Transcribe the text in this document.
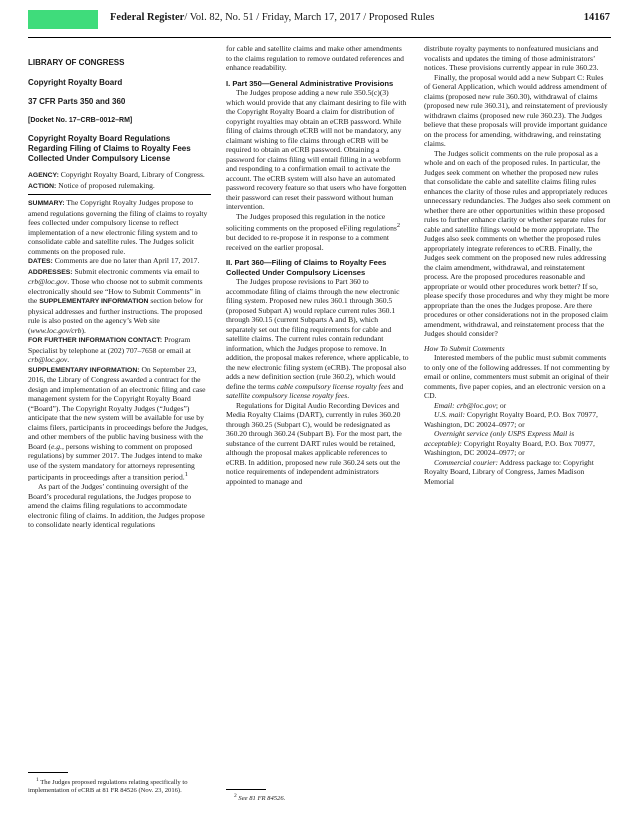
Federal Register / Vol. 82, No. 51 / Friday, March 17, 2017 / Proposed Rules	14167
LIBRARY OF CONGRESS
Copyright Royalty Board
37 CFR Parts 350 and 360
[Docket No. 17–CRB–0012–RM]
Copyright Royalty Board Regulations Regarding Filing of Claims to Royalty Fees Collected Under Compulsory License

AGENCY: Copyright Royalty Board, Library of Congress.

ACTION: Notice of proposed rulemaking.

SUMMARY: The Copyright Royalty Judges propose to amend regulations governing the filing of claims to royalty fees collected under compulsory license to reflect implementation of a new electronic filing system and to consolidate cable and satellite rules. The Judges solicit comments on the proposed rule.

DATES: Comments are due no later than April 17, 2017.

ADDRESSES: Submit electronic comments via email to crb@loc.gov. Those who choose not to submit comments electronically should see “How to Submit Comments” in the SUPPLEMENTARY INFORMATION section below for physical addresses and further instructions. The proposed rule is also posted on the agency’s Web site (www.loc.gov/crb).

FOR FURTHER INFORMATION CONTACT: Program Specialist by telephone at (202) 707–7658 or email at crb@loc.gov.

SUPPLEMENTARY INFORMATION: On September 23, 2016, the Library of Congress awarded a contract for the design and implementation of an electronic filing and case management system for the Copyright Royalty Board (“Board”). The Copyright Royalty Judges (“Judges”) anticipate that the new system will be available for use by claims filers, participants in proceedings before the Judges, and other members of the public having business with the Board (e.g., persons wishing to comment on proposed regulations) by summer 2017. The Judges intend to make use of the system mandatory for attorneys representing participants in proceedings after a transition period.$^1$

As part of the Judges’ continuing oversight of the Board’s procedural regulations, the Judges propose to amend the claims filing regulations to accommodate electronic filing of claims. In addition, the Judges propose to consolidate nearly identical regulations

$^1$ The Judges proposed regulations relating specifically to implementation of eCRB at 81 FR 84526 (Nov. 23, 2016).

for cable and satellite claims and make other amendments to the claims regulation to remove outdated references and enhance readability.

I. Part 350—General Administrative Provisions

The Judges propose adding a new rule 350.5(c)(3) which would provide that any claimant desiring to file with the Copyright Royalty Board a claim for distribution of copyright royalties may obtain an eCRB password. While filing of claims through eCRB will not be mandatory, any claimant wishing to file claims through eCRB will be required to obtain an eCRB password. Obtaining a password for claims filing will entail filling in a webform and responding to a confirmation email to activate the account. The eCRB system will also have an automated password recovery feature so that users who have forgotten their password can reset their password without human intervention.

The Judges proposed this regulation in the notice soliciting comments on the proposed eFiling regulations$^2$ but decided to re-propose it in response to a comment received on the earlier proposal.

II. Part 360—Filing of Claims to Royalty Fees Collected Under Compulsory Licenses

The Judges propose revisions to Part 360 to accommodate filing of claims through the new electronic filing system. Proposed new rules 360.1 through 360.5 (proposed Subpart A) would replace current rules 360.1 through 360.15 (current Subparts A and B), which separately set out the filing requirements for cable and satellite claims. The current rules contain redundant information, which the Judges propose to remove. In addition, the proposal makes reference, where applicable, to the new electronic filing system (eCRB). The proposal also adds a new definition section (rule 360.2), which would define the terms cable compulsory license royalty fees and satellite compulsory license royalty fees.

Regulations for Digital Audio Recording Devices and Media Royalty Claims (DART), currently in rules 360.20 through 360.25 (Subpart C), would be redesignated as 360.20 through 360.24 (Subpart B). For the most part, the substance of the current DART rules would be retained, although the proposal makes applicable references to eCRB. In addition, proposed new rule 360.24 sets out the notice requirements of independent administrators appointed to manage and

$^2$ See 81 FR 84526.

distribute royalty payments to nonfeatured musicians and vocalists and updates the timing of those administrators’ notices. These provisions currently appear in rule 360.23.

Finally, the proposal would add a new Subpart C: Rules of General Application, which would address amendment of claims (proposed new rule 360.30), withdrawal of claims (proposed new rule 360.31), and reinstatement of previously withdrawn claims (proposed new rule 360.23). The Judges believe that these proposals will provide important guidance on the process for amending, withdrawing, and reinstating claims.

The Judges solicit comments on the rule proposal as a whole and on each of the proposed rules. In particular, the Judges seek comment on whether the proposed new rules that consolidate the cable and satellite claims filing rules enhances the clarity of those rules and appropriately reduces unnecessary redundancies. The Judges also seek comment on whether there are other opportunities within these proposed rules to further enhance clarity or whether separate rules for cable and satellite filings would be more appropriate. The Judges also seek comments on whether the proposed rules appropriately integrate references to eCRB. Finally, the Judges seek comment on the proposed new rules addressing the claim amendment, withdrawal, and reinstatement process. Are the proposed procedures reasonable and appropriate or would other procedures work better? If so, please specify those procedures and why they might be more appropriate than the ones the Judges propose. Are there procedures or other considerations not in the proposed claim amendment, withdrawal, and reinstatement process that the Judges should consider?

How To Submit Comments

Interested members of the public must submit comments to only one of the following addresses. If not commenting by email or online, commenters must submit an original of their comments, five paper copies, and an electronic version on a CD.

Email: crb@loc.gov; or

U.S. mail: Copyright Royalty Board, P.O. Box 70977, Washington, DC 20024–0977; or

Overnight service (only USPS Express Mail is acceptable): Copyright Royalty Board, P.O. Box 70977, Washington, DC 20024–0977; or

Commercial courier: Address package to: Copyright Royalty Board, Library of Congress, James Madison Memorial
